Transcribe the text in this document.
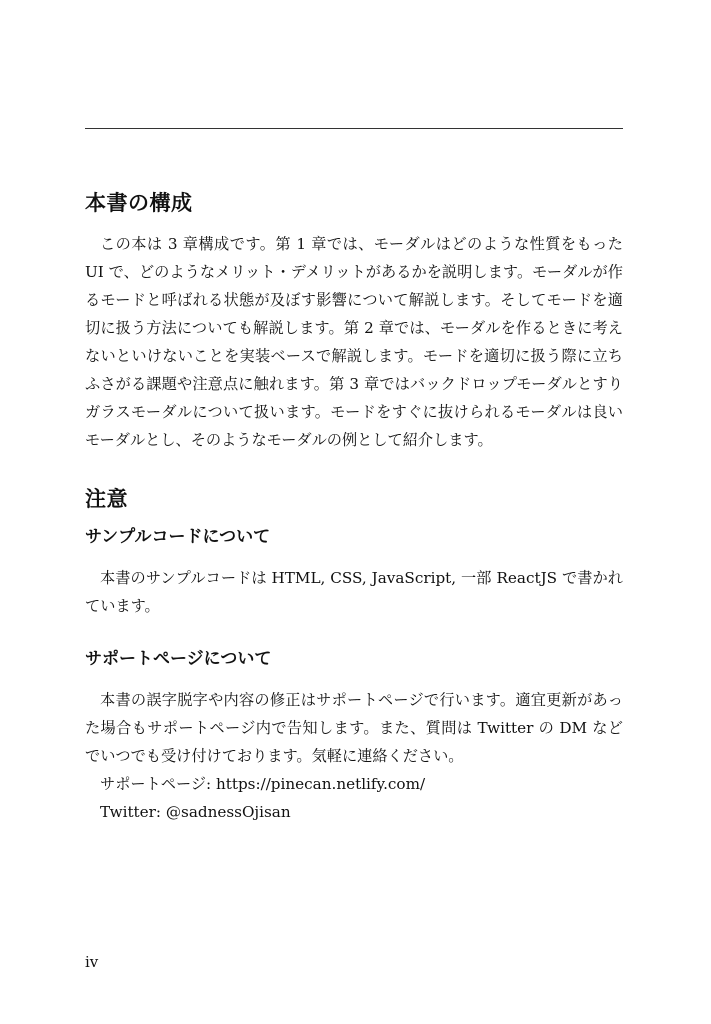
本書の構成

この本は 3 章構成です。第 1 章では、モーダルはどのような性質をもった UI で、どのようなメリット・デメリットがあるかを説明します。モーダルが作るモードと呼ばれる状態が及ぼす影響について解説します。そしてモードを適切に扱う方法についても解説します。第 2 章では、モーダルを作るときに考えないといけないことを実装ベースで解説します。モードを適切に扱う際に立ちふさがる課題や注意点に触れます。第 3 章ではバックドロップモーダルとすりガラスモーダルについて扱います。モードをすぐに抜けられるモーダルは良いモーダルとし、そのようなモーダルの例として紹介します。

注意
サンプルコードについて

本書のサンプルコードは HTML, CSS, JavaScript, 一部 ReactJS で書かれています。

サポートページについて

本書の誤字脱字や内容の修正はサポートページで行います。適宜更新があった場合もサポートページ内で告知します。また、質問は Twitter の DM などでいつでも受け付けております。気軽に連絡ください。

サポートページ: https://pinecan.netlify.com/
Twitter: @sadnessOjisan
iv
